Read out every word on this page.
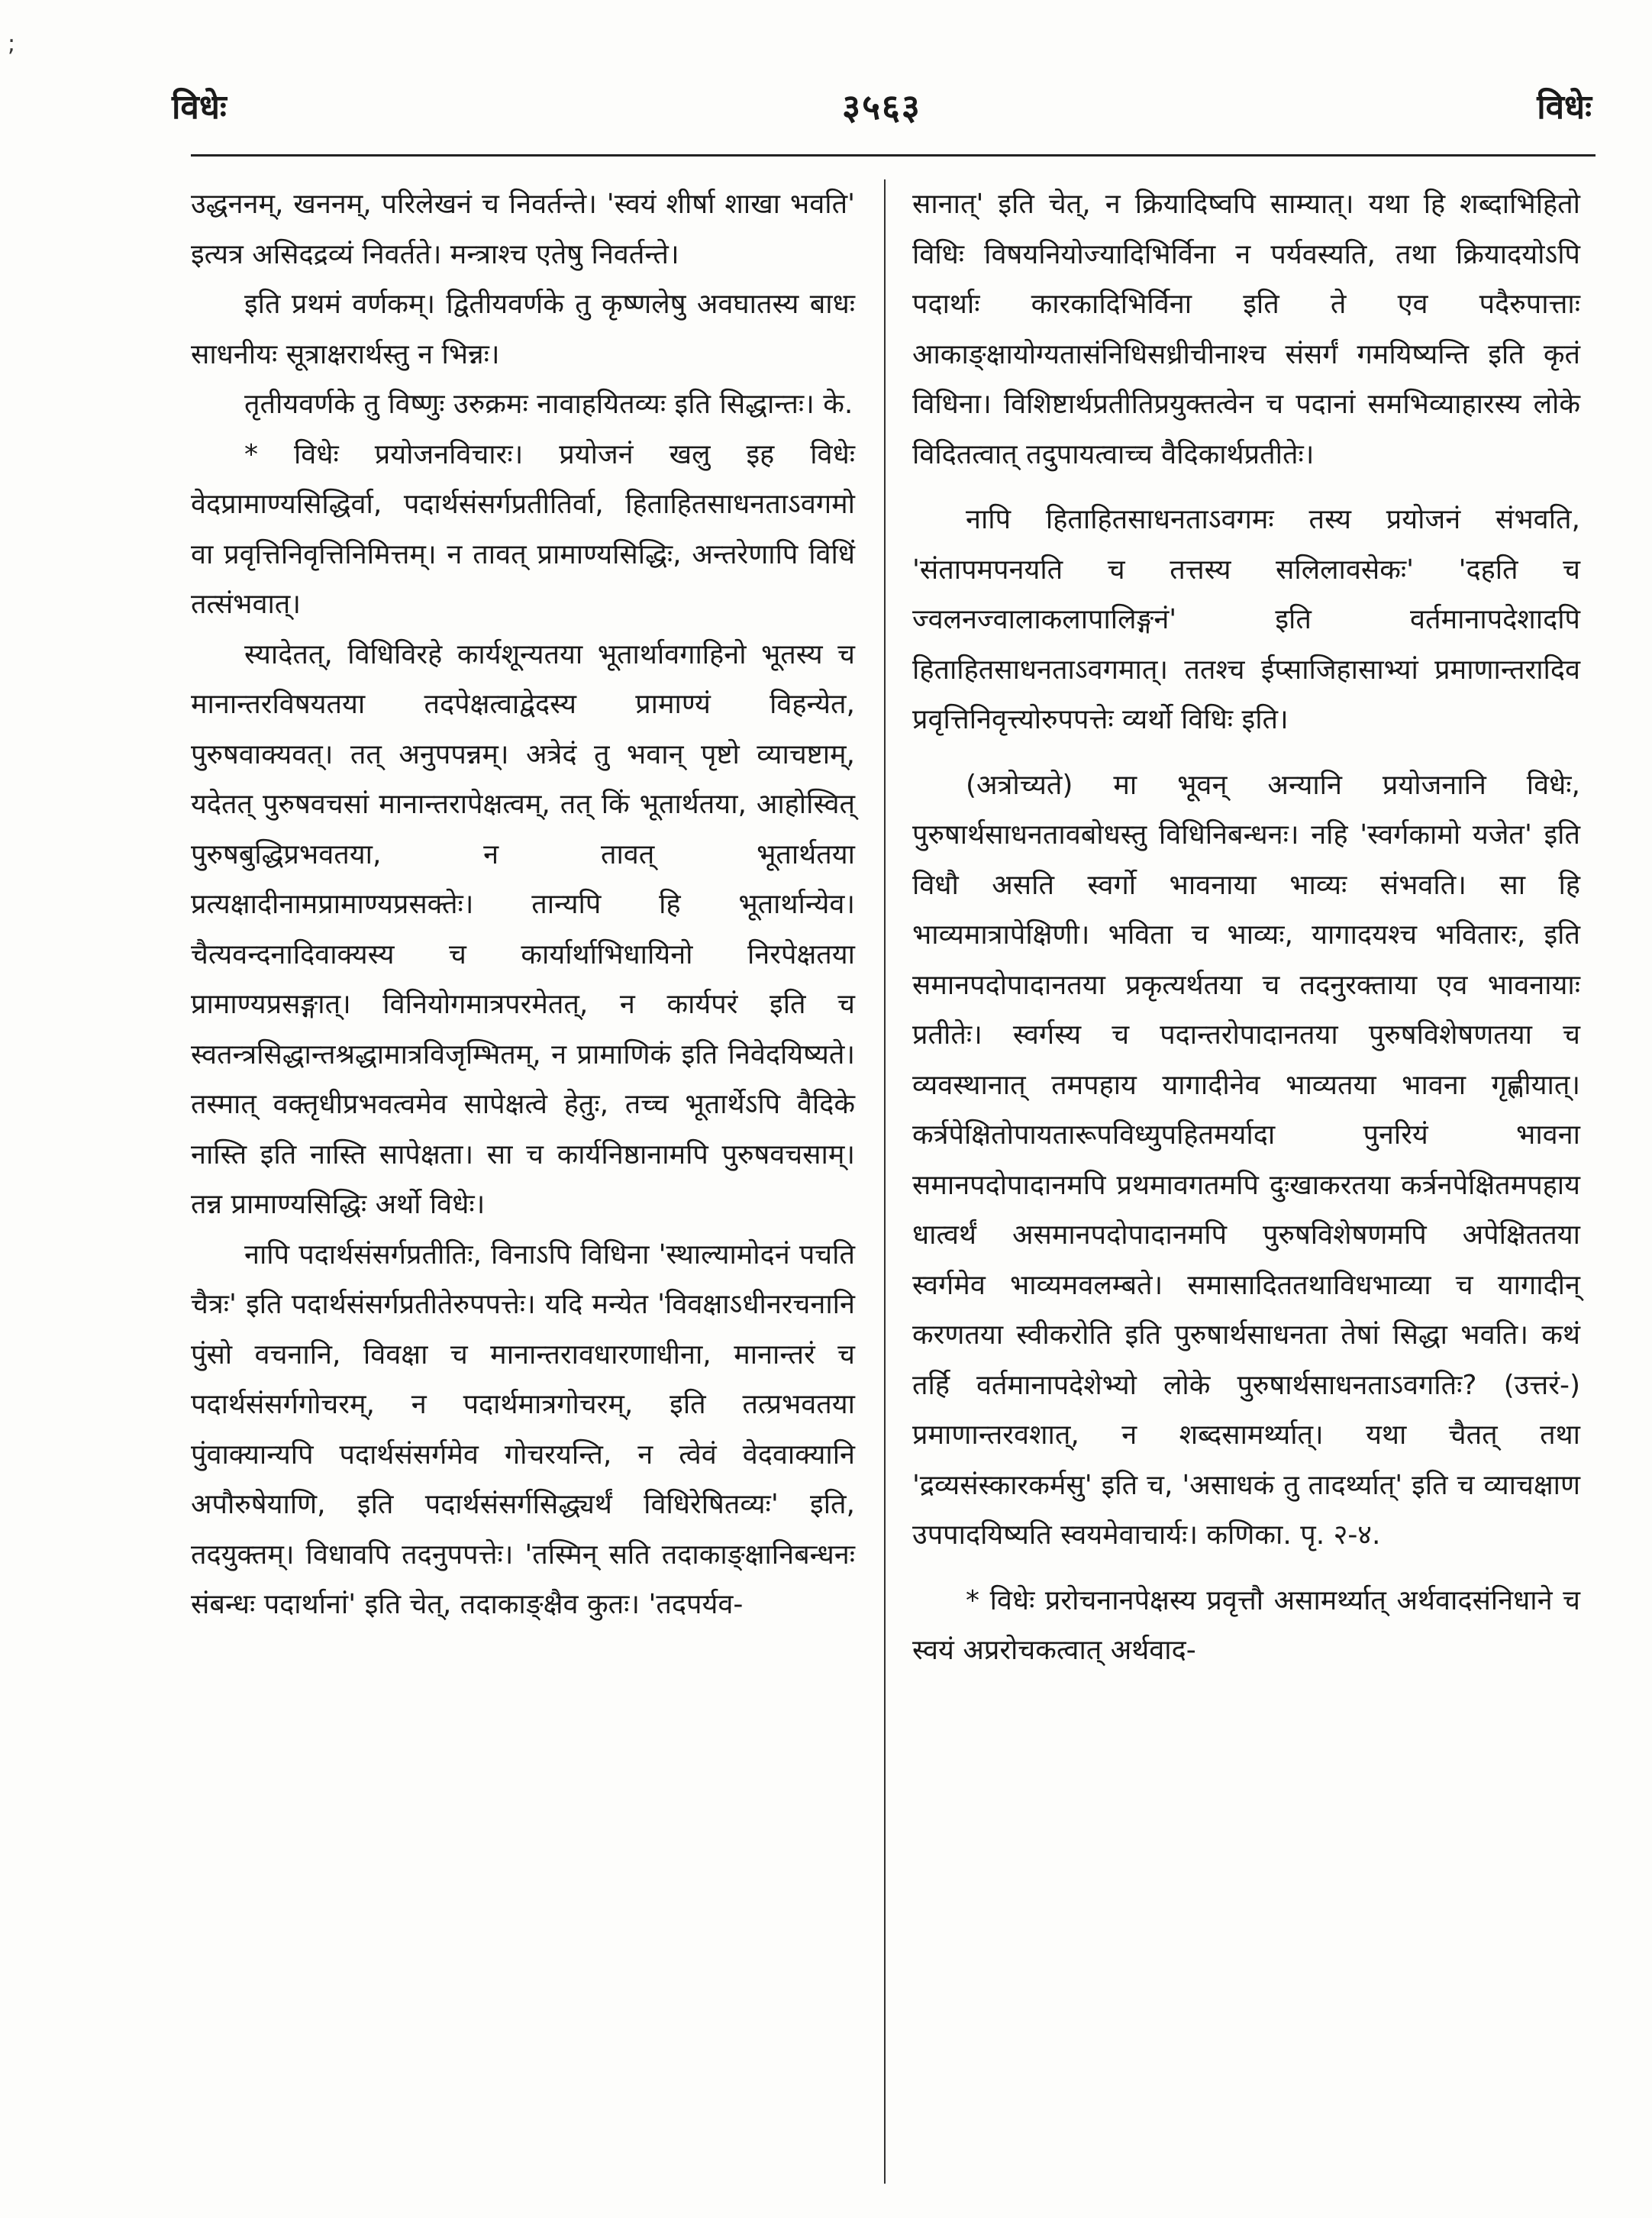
;
विधेः	३५६३	विधेः

उद्धननम्, खननम्, परिलेखनं च निवर्तन्ते। 'स्वयं शीर्षा शाखा भवति' इत्यत्र असिदद्रव्यं निवर्तते। मन्त्राश्च एतेषु निवर्तन्ते।

इति प्रथमं वर्णकम्। द्वितीयवर्णके तु कृष्णलेषु अवघातस्य बाधः साधनीयः सूत्राक्षरार्थस्तु न भिन्नः।

तृतीयवर्णके तु विष्णुः उरुक्रमः नावाहयितव्यः इति सिद्धान्तः। के.

* विधेः प्रयोजनविचारः। प्रयोजनं खलु इह विधेः वेदप्रामाण्यसिद्धिर्वा, पदार्थसंसर्गप्रतीतिर्वा, हिताहितसाधनताऽवगमो वा प्रवृत्तिनिवृत्तिनिमित्तम्। न तावत् प्रामाण्यसिद्धिः, अन्तरेणापि विधिं तत्संभवात्।

स्यादेतत्, विधिविरहे कार्यशून्यतया भूतार्थावगाहिनो भूतस्य च मानान्तरविषयतया तदपेक्षत्वाद्वेदस्य प्रामाण्यं विहन्येत, पुरुषवाक्यवत्। तत् अनुपपन्नम्। अत्रेदं तु भवान् पृष्टो व्याचष्टाम्, यदेतत् पुरुषवचसां मानान्तरापेक्षत्वम्, तत् किं भूतार्थतया, आहोस्वित् पुरुषबुद्धिप्रभवतया, न तावत् भूतार्थतया प्रत्यक्षादीनामप्रामाण्यप्रसक्तेः। तान्यपि हि भूतार्थान्येव। चैत्यवन्दनादिवाक्यस्य च कार्यार्थाभिधायिनो निरपेक्षतया प्रामाण्यप्रसङ्गात्। विनियोगमात्रपरमेतत्, न कार्यपरं इति च स्वतन्त्रसिद्धान्तश्रद्धामात्रविजृम्भितम्, न प्रामाणिकं इति निवेदयिष्यते। तस्मात् वक्तृधीप्रभवत्वमेव सापेक्षत्वे हेतुः, तच्च भूतार्थेऽपि वैदिके नास्ति इति नास्ति सापेक्षता। सा च कार्यनिष्ठानामपि पुरुषवचसाम्। तन्न प्रामाण्यसिद्धिः अर्थो विधेः।

नापि पदार्थसंसर्गप्रतीतिः, विनाऽपि विधिना 'स्थाल्यामोदनं पचति चैत्रः' इति पदार्थसंसर्गप्रतीतेरुपपत्तेः। यदि मन्येत 'विवक्षाऽधीनरचनानि पुंसो वचनानि, विवक्षा च मानान्तरावधारणाधीना, मानान्तरं च पदार्थसंसर्गगोचरम्, न पदार्थमात्रगोचरम्, इति तत्प्रभवतया पुंवाक्यान्यपि पदार्थसंसर्गमेव गोचरयन्ति, न त्वेवं वेदवाक्यानि अपौरुषेयाणि, इति पदार्थसंसर्गसिद्ध्यर्थं विधिरेषितव्यः' इति, तदयुक्तम्। विधावपि तदनुपपत्तेः। 'तस्मिन् सति तदाकाङ्क्षानिबन्धनः संबन्धः पदार्थानां' इति चेत्, तदाकाङ्क्षैव कुतः। 'तदपर्यव-

सानात्' इति चेत्, न क्रियादिष्वपि साम्यात्। यथा हि शब्दाभिहितो विधिः विषयनियोज्यादिभिर्विना न पर्यवस्यति, तथा क्रियादयोऽपि पदार्थाः कारकादिभिर्विना इति ते एव पदैरुपात्ताः आकाङ्क्षायोग्यतासंनिधिसध्रीचीनाश्च संसर्गं गमयिष्यन्ति इति कृतं विधिना। विशिष्टार्थप्रतीतिप्रयुक्तत्वेन च पदानां समभिव्याहारस्य लोके विदितत्वात् तदुपायत्वाच्च वैदिकार्थप्रतीतेः।

नापि हिताहितसाधनताऽवगमः तस्य प्रयोजनं संभवति, 'संतापमपनयति च तत्तस्य सलिलावसेकः' 'दहति च ज्वलनज्वालाकलापालिङ्गनं' इति वर्तमानापदेशादपि हिताहितसाधनताऽवगमात्। ततश्च ईप्साजिहासाभ्यां प्रमाणान्तरादिव प्रवृत्तिनिवृत्त्योरुपपत्तेः व्यर्थो विधिः इति।

(अत्रोच्यते) मा भूवन् अन्यानि प्रयोजनानि विधेः, पुरुषार्थसाधनतावबोधस्तु विधिनिबन्धनः। नहि 'स्वर्गकामो यजेत' इति विधौ असति स्वर्गो भावनाया भाव्यः संभवति। सा हि भाव्यमात्रापेक्षिणी। भविता च भाव्यः, यागादयश्च भवितारः, इति समानपदोपादानतया प्रकृत्यर्थतया च तदनुरक्ताया एव भावनायाः प्रतीतेः। स्वर्गस्य च पदान्तरोपादानतया पुरुषविशेषणतया च व्यवस्थानात् तमपहाय यागादीनेव भाव्यतया भावना गृह्णीयात्। कर्त्रपेक्षितोपायतारूपविध्युपहितमर्यादा पुनरियं भावना समानपदोपादानमपि प्रथमावगतमपि दुःखाकरतया कर्त्रनपेक्षितमपहाय धात्वर्थं असमानपदोपादानमपि पुरुषविशेषणमपि अपेक्षिततया स्वर्गमेव भाव्यमवलम्बते। समासादिततथाविधभाव्या च यागादीन् करणतया स्वीकरोति इति पुरुषार्थसाधनता तेषां सिद्धा भवति। कथं तर्हि वर्तमानापदेशेभ्यो लोके पुरुषार्थसाधनताऽवगतिः? (उत्तरं-) प्रमाणान्तरवशात्, न शब्दसामर्थ्यात्। यथा चैतत् तथा 'द्रव्यसंस्कारकर्मसु' इति च, 'असाधकं तु तादर्थ्यात्' इति च व्याचक्षाण उपपादयिष्यति स्वयमेवाचार्यः। कणिका. पृ. २-४.

* विधेः प्ररोचनानपेक्षस्य प्रवृत्तौ असामर्थ्यात् अर्थवादसंनिधाने च स्वयं अप्ररोचकत्वात् अर्थवाद-
